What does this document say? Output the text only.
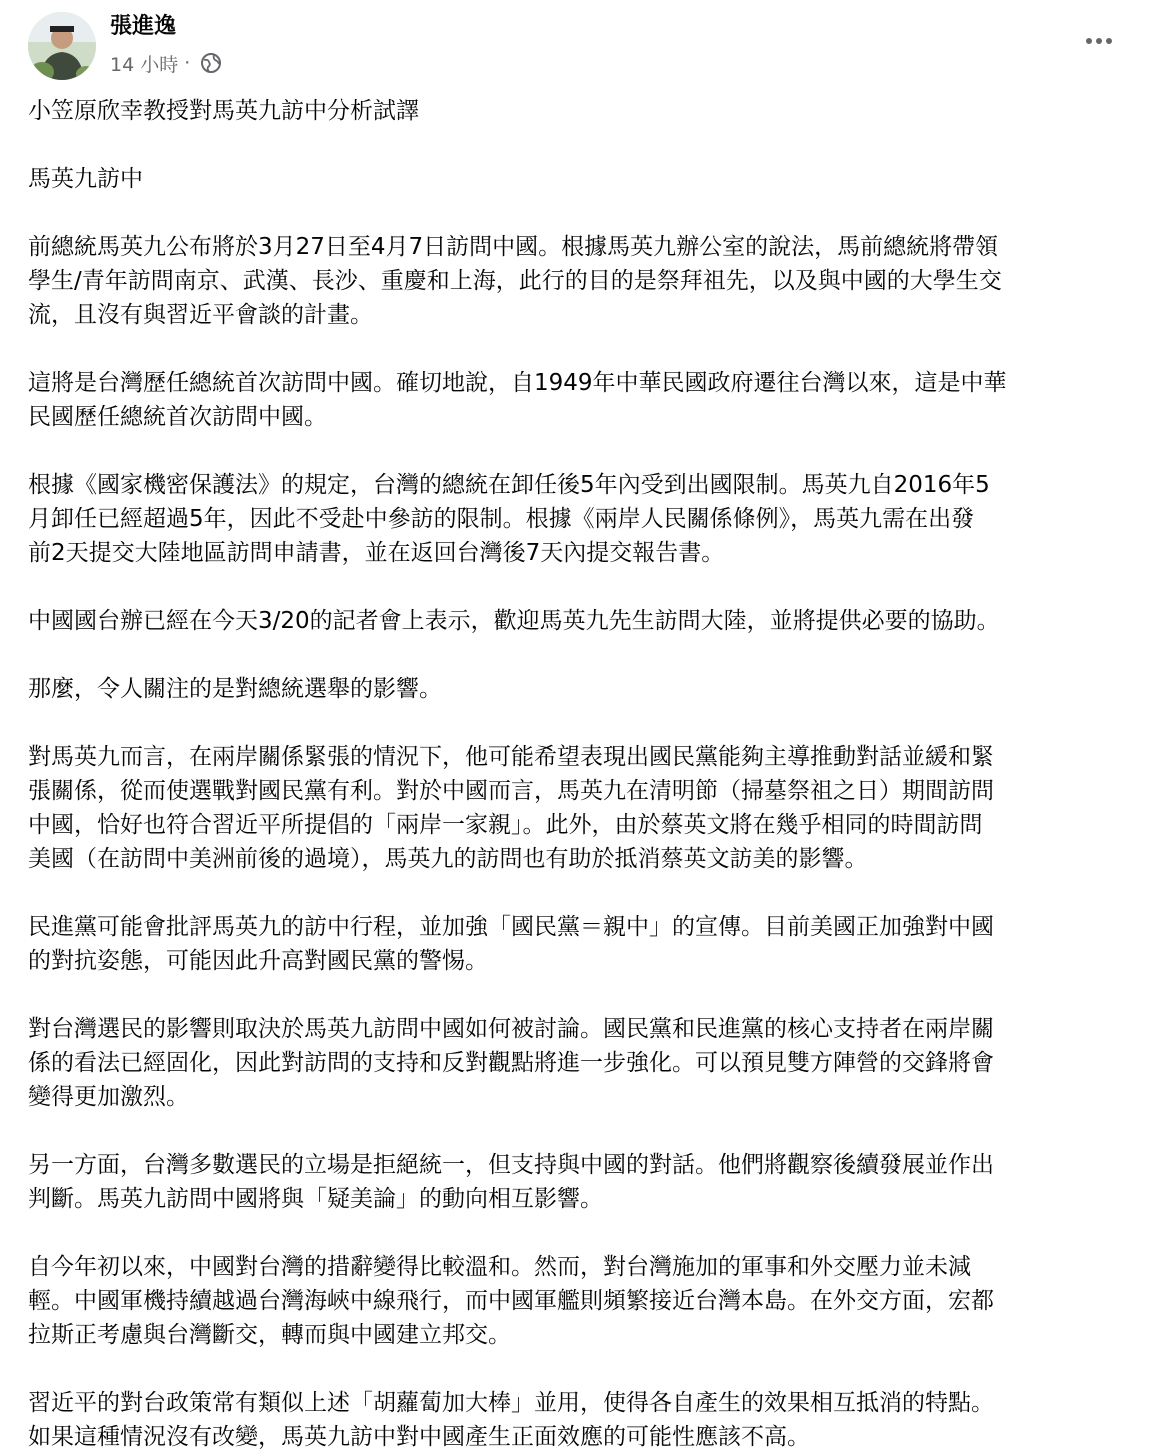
張進逸
14 小時 ·

小笠原欣幸教授對馬英九訪中分析試譯

馬英九訪中

前總統馬英九公布將於3月27日至4月7日訪問中國。根據馬英九辦公室的說法，馬前總統將帶領
學生/青年訪問南京、武漢、長沙、重慶和上海，此行的目的是祭拜祖先，以及與中國的大學生交
流，且沒有與習近平會談的計畫。

這將是台灣歷任總統首次訪問中國。確切地說，自1949年中華民國政府遷往台灣以來，這是中華
民國歷任總統首次訪問中國。

根據《國家機密保護法》的規定，台灣的總統在卸任後5年內受到出國限制。馬英九自2016年5
月卸任已經超過5年，因此不受赴中參訪的限制。根據《兩岸人民關係條例》，馬英九需在出發
前2天提交大陸地區訪問申請書，並在返回台灣後7天內提交報告書。

中國國台辦已經在今天3/20的記者會上表示，歡迎馬英九先生訪問大陸，並將提供必要的協助。

那麼，令人關注的是對總統選舉的影響。

對馬英九而言，在兩岸關係緊張的情況下，他可能希望表現出國民黨能夠主導推動對話並緩和緊
張關係，從而使選戰對國民黨有利。對於中國而言，馬英九在清明節（掃墓祭祖之日）期間訪問
中國，恰好也符合習近平所提倡的「兩岸一家親」。此外，由於蔡英文將在幾乎相同的時間訪問
美國（在訪問中美洲前後的過境），馬英九的訪問也有助於抵消蔡英文訪美的影響。

民進黨可能會批評馬英九的訪中行程，並加強「國民黨＝親中」的宣傳。目前美國正加強對中國
的對抗姿態，可能因此升高對國民黨的警惕。

對台灣選民的影響則取決於馬英九訪問中國如何被討論。國民黨和民進黨的核心支持者在兩岸關
係的看法已經固化，因此對訪問的支持和反對觀點將進一步強化。可以預見雙方陣營的交鋒將會
變得更加激烈。

另一方面，台灣多數選民的立場是拒絕統一，但支持與中國的對話。他們將觀察後續發展並作出
判斷。馬英九訪問中國將與「疑美論」的動向相互影響。

自今年初以來，中國對台灣的措辭變得比較溫和。然而，對台灣施加的軍事和外交壓力並未減
輕。中國軍機持續越過台灣海峽中線飛行，而中國軍艦則頻繁接近台灣本島。在外交方面，宏都
拉斯正考慮與台灣斷交，轉而與中國建立邦交。

習近平的對台政策常有類似上述「胡蘿蔔加大棒」並用，使得各自產生的效果相互抵消的特點。
如果這種情況沒有改變，馬英九訪中對中國產生正面效應的可能性應該不高。
